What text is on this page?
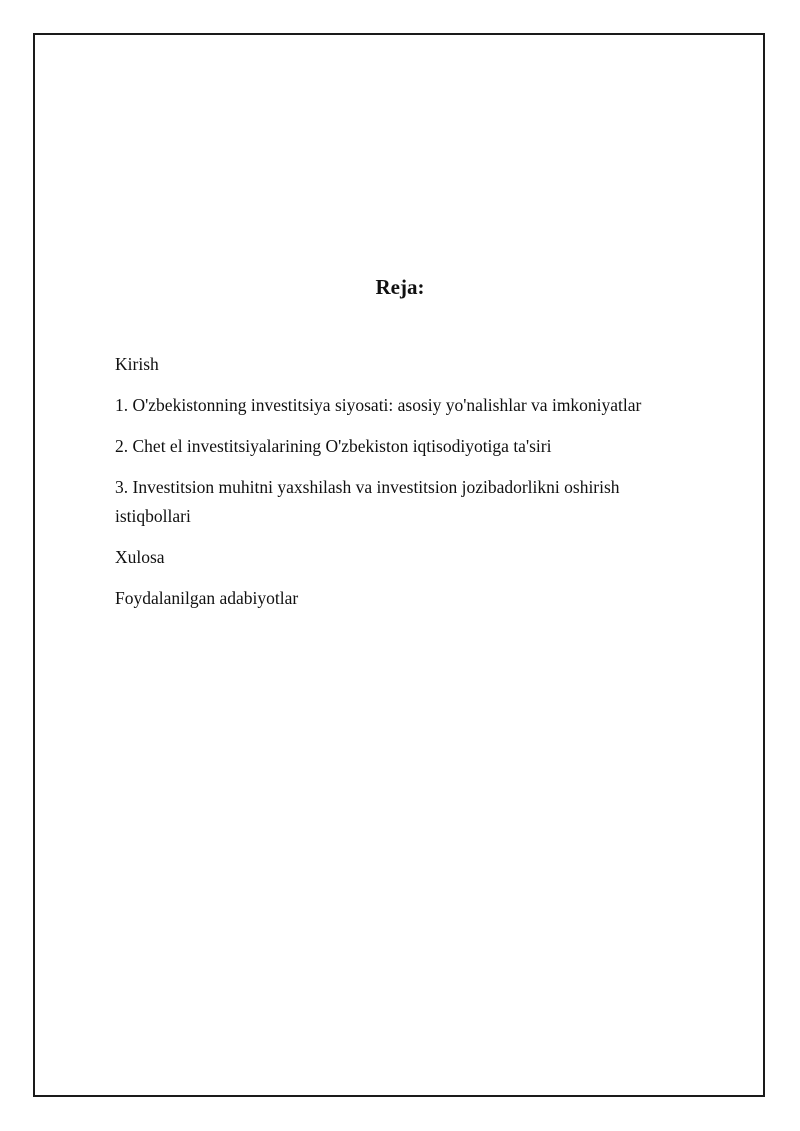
Reja:
Kirish
1. O'zbekistonning investitsiya siyosati: asosiy yo'nalishlar va imkoniyatlar
2. Chet el investitsiyalarining O'zbekiston iqtisodiyotiga ta'siri
3. Investitsion muhitni yaxshilash va investitsion jozibadorlikni oshirish istiqbollari
Xulosa
Foydalanilgan adabiyotlar
